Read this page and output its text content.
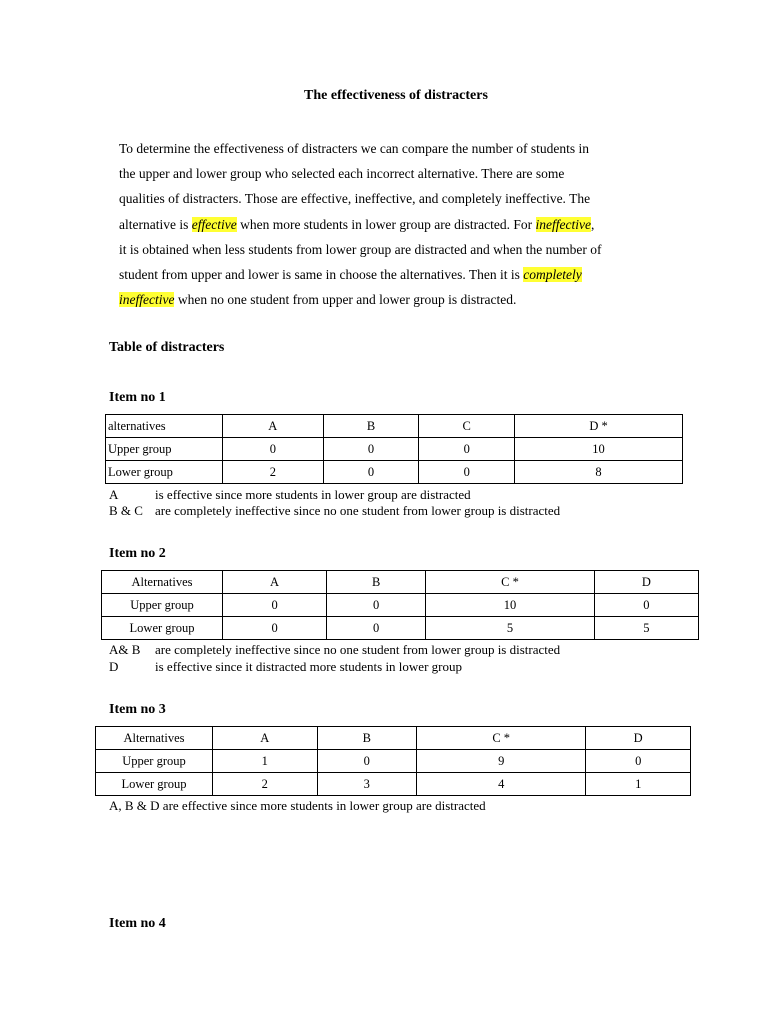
The effectiveness of distracters
To determine the effectiveness of distracters we can compare the number of students in
the upper and lower group who selected each incorrect alternative. There are some
qualities of distracters. Those are effective, ineffective, and completely ineffective. The
alternative is effective when more students in lower group are distracted. For ineffective,
it is obtained when less students from lower group are distracted and when the number of
student from upper and lower is same in choose the alternatives. Then it is completely
ineffective when no one student from upper and lower group is distracted.
Table of distracters
Item no 1
alternatives	A	B	C	D *
Upper group	0	0	0	10
Lower group	2	0	0	8
A	is effective since more students in lower group are distracted
B & C are completely ineffective since no one student from lower group is distracted
Item no 2
Alternatives	A	B	C *	D
Upper group	0	0	10	0
Lower group	0	0	5	5
A& B are completely ineffective since no one student from lower group is distracted
D	is effective since it distracted more students in lower group
Item no 3
Alternatives	A	B	C *	D
Upper group	1	0	9	0
Lower group	2	3	4	1
A, B & D are effective since more students in lower group are distracted
Item no 4
